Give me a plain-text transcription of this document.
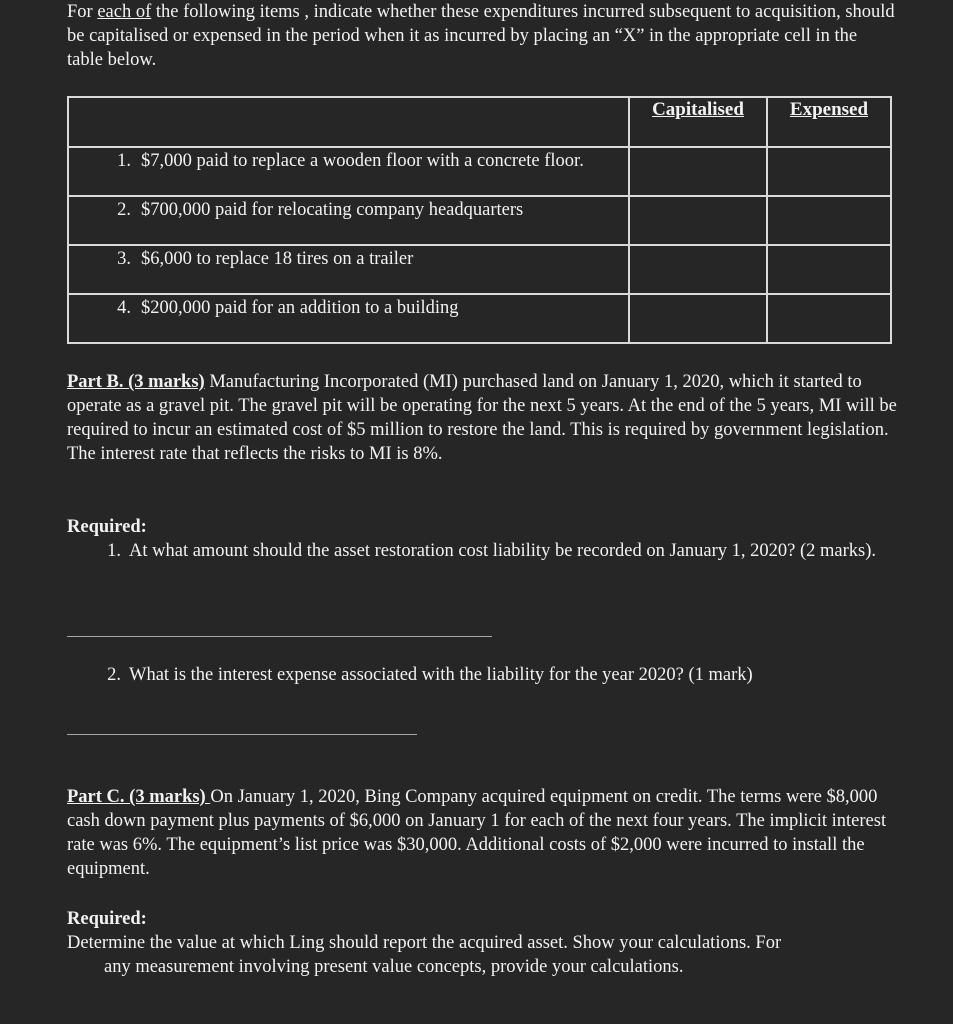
For each of the following items , indicate whether these expenditures incurred subsequent to acquisition, should be capitalised or expensed in the period when it as incurred by placing an “X” in the appropriate cell in the table below.
	Capitalised	Expensed

1. $7,000 paid to replace a wooden floor with a concrete floor.		

2. $700,000 paid for relocating company headquarters		

3. $6,000 to replace 18 tires on a trailer		

4. $200,000 paid for an addition to a building		

Part B. (3 marks) Manufacturing Incorporated (MI) purchased land on January 1, 2020, which it started to operate as a gravel pit. The gravel pit will be operating for the next 5 years. At the end of the 5 years, MI will be required to incur an estimated cost of $5 million to restore the land. This is required by government legislation. The interest rate that reflects the risks to MI is 8%.
Required:
1. At what amount should the asset restoration cost liability be recorded on January 1, 2020? (2 marks).
2. What is the interest expense associated with the liability for the year 2020? (1 mark)
Part C. (3 marks) On January 1, 2020, Bing Company acquired equipment on credit. The terms were $8,000 cash down payment plus payments of $6,000 on January 1 for each of the next four years. The implicit interest rate was 6%. The equipment’s list price was $30,000. Additional costs of $2,000 were incurred to install the equipment.
Required:
Determine the value at which Ling should report the acquired asset. Show your calculations. For
any measurement involving present value concepts, provide your calculations.
